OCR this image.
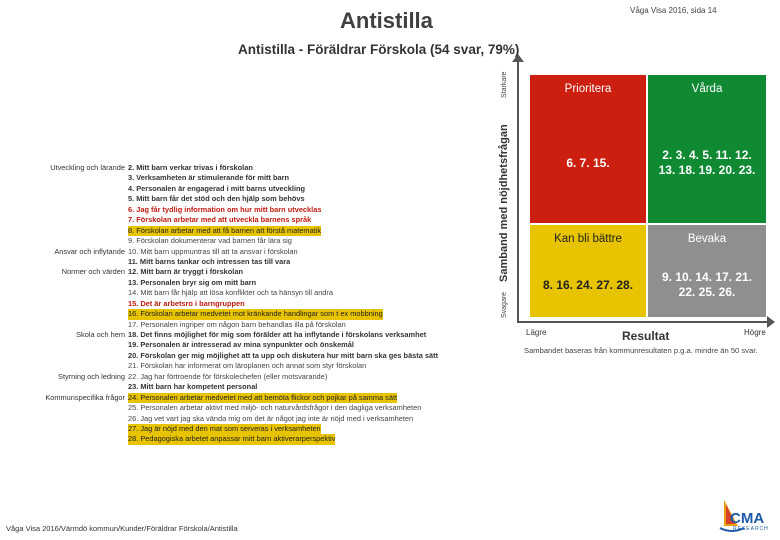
Antistilla	Våga Visa 2016, sida 14
Antistilla - Föräldrar Förskola (54 svar, 79%)
Samband med nöjdhetsfrågan
Starkare
Svagare
Prioritera
6. 7. 15.
Vårda
2. 3. 4. 5. 11. 12. 13. 18. 19. 20. 23.
Kan bli bättre
8. 16. 24. 27. 28.
Bevaka
9. 10. 14. 17. 21. 22. 25. 26.
Lägre	Resultat	Högre
Sambandet baseras från kommunresultaten p.g.a. mindre än 50 svar.
Utveckling och lärande 2. Mitt barn verkar trivas i förskolan
3. Verksamheten är stimulerande för mitt barn
4. Personalen är engagerad i mitt barns utveckling
5. Mitt barn får det stöd och den hjälp som behövs
6. Jag får tydlig information om hur mitt barn utvecklas
7. Förskolan arbetar med att utveckla barnens språk
8. Förskolan arbetar med att få barnen att förstå matematik
9. Förskolan dokumenterar vad barnen får lära sig
Ansvar och inflytande 10. Mitt barn uppmuntras till att ta ansvar i förskolan
11. Mitt barns tankar och intressen tas till vara
Normer och värden 12. Mitt barn är tryggt i förskolan
13. Personalen bryr sig om mitt barn
14. Mitt barn får hjälp att lösa konflikter och ta hänsyn till andra
15. Det är arbetsro i barngruppen
16. Förskolan arbetar medvetet mot kränkande handlingar som t ex mobbning
17. Personalen ingriper om någon barn behandlas illa på förskolan
Skola och hem 18. Det finns möjlighet för mig som förälder att ha inflytande i förskolans verksamhet
19. Personalen är intresserad av mina synpunkter och önskemål
20. Förskolan ger mig möjlighet att ta upp och diskutera hur mitt barn ska ges bästa sätt
21. Förskolan har informerat om läroplanen och annat som styr förskolan
Styrning och ledning 22. Jag har förtroende för förskolechefen (eller motsvarande)
23. Mitt barn har kompetent personal
Kommunspecifika frågor 24. Personalen arbetar medvetet med att bemöta flickor och pojkar på samma sätt
25. Personalen arbetar aktivt med miljö- och naturvårdsfrågor i den dagliga verksamheten
26. Jag vet vart jag ska vända mig om det är något jag inte är nöjd med i verksamheten
27. Jag är nöjd med den mat som serveras i verksamheten
28. Pedagogiska arbetet anpassar mitt barn aktiverarperspektiv
Våga Visa 2016/Värmdö kommun/Kunder/Föräldrar Förskola/Antistilla
CMA
RESEARCH
